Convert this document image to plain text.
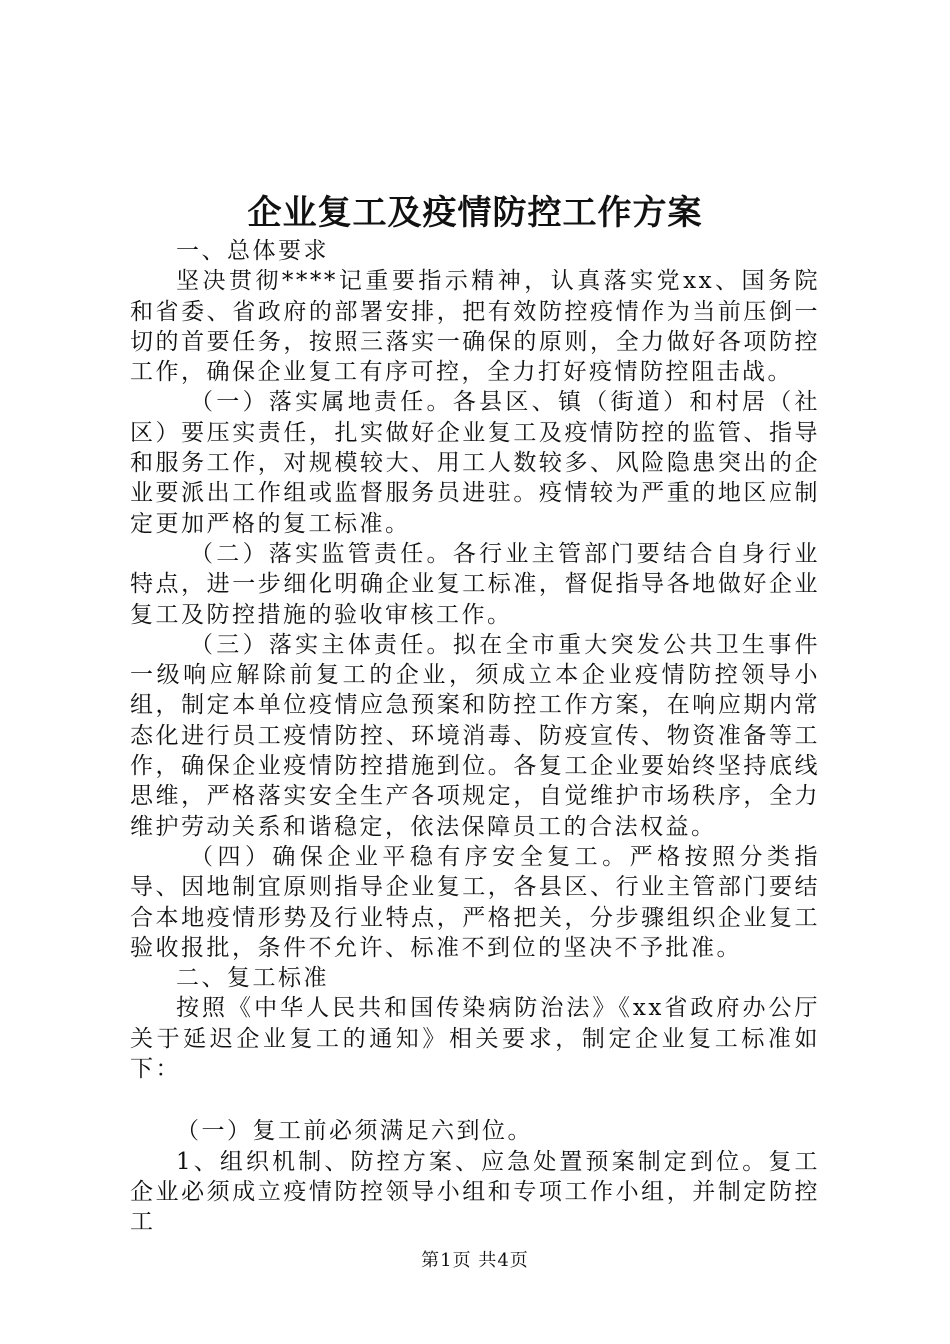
企业复工及疫情防控工作方案

一、总体要求

坚决贯彻****记重要指示精神，认真落实党xx、国务院和省委、省政府的部署安排，把有效防控疫情作为当前压倒一切的首要任务，按照三落实一确保的原则，全力做好各项防控工作，确保企业复工有序可控，全力打好疫情防控阻击战。

（一）落实属地责任。各县区、镇（街道）和村居（社区）要压实责任，扎实做好企业复工及疫情防控的监管、指导和服务工作，对规模较大、用工人数较多、风险隐患突出的企业要派出工作组或监督服务员进驻。疫情较为严重的地区应制定更加严格的复工标准。

（二）落实监管责任。各行业主管部门要结合自身行业特点，进一步细化明确企业复工标准，督促指导各地做好企业复工及防控措施的验收审核工作。

（三）落实主体责任。拟在全市重大突发公共卫生事件一级响应解除前复工的企业，须成立本企业疫情防控领导小组，制定本单位疫情应急预案和防控工作方案，在响应期内常态化进行员工疫情防控、环境消毒、防疫宣传、物资准备等工作，确保企业疫情防控措施到位。各复工企业要始终坚持底线思维，严格落实安全生产各项规定，自觉维护市场秩序，全力维护劳动关系和谐稳定，依法保障员工的合法权益。

（四）确保企业平稳有序安全复工。严格按照分类指导、因地制宜原则指导企业复工，各县区、行业主管部门要结合本地疫情形势及行业特点，严格把关，分步骤组织企业复工验收报批，条件不允许、标准不到位的坚决不予批准。

二、复工标准

按照《中华人民共和国传染病防治法》《xx省政府办公厅关于延迟企业复工的通知》相关要求，制定企业复工标准如下：

（一）复工前必须满足六到位。

1、组织机制、防控方案、应急处置预案制定到位。复工企业必须成立疫情防控领导小组和专项工作小组，并制定防控工

第1页 共4页
